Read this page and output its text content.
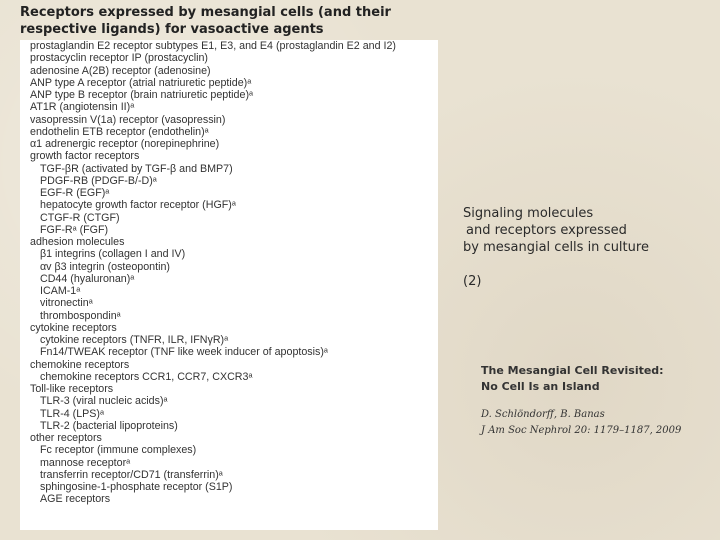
Receptors expressed by mesangial cells (and their
respective ligands) for vasoactive agents
prostaglandin E2 receptor subtypes E1, E3, and E4 (prostaglandin E2 and I2)
prostacyclin receptor IP (prostacyclin)
adenosine A(2B) receptor (adenosine)
ANP type A receptor (atrial natriuretic peptide)ᵃ
ANP type B receptor (brain natriuretic peptide)ᵃ
AT1R (angiotensin II)ᵃ
vasopressin V(1a) receptor (vasopressin)
endothelin ETB receptor (endothelin)ᵃ
α1 adrenergic receptor (norepinephrine)
growth factor receptors
TGF-βR (activated by TGF-β and BMP7)
PDGF-RB (PDGF-B/-D)ᵃ
EGF-R (EGF)ᵃ
hepatocyte growth factor receptor (HGF)ᵃ
CTGF-R (CTGF)
FGF-Rᵃ (FGF)
adhesion molecules
β1 integrins (collagen I and IV)
αv β3 integrin (osteopontin)
CD44 (hyaluronan)ᵃ
ICAM-1ᵃ
vitronectinᵃ
thrombospondinᵃ
cytokine receptors
cytokine receptors (TNFR, ILR, IFNγR)ᵃ
Fn14/TWEAK receptor (TNF like week inducer of apoptosis)ᵃ
chemokine receptors
chemokine receptors CCR1, CCR7, CXCR3ᵃ
Toll-like receptors
TLR-3 (viral nucleic acids)ᵃ
TLR-4 (LPS)ᵃ
TLR-2 (bacterial lipoproteins)
other receptors
Fc receptor (immune complexes)
mannose receptorᵃ
transferrin receptor/CD71 (transferrin)ᵃ
sphingosine-1-phosphate receptor (S1P)
AGE receptors
Signaling molecules
and receptors expressed
by mesangial cells in culture
(2)
The Mesangial Cell Revisited:
No Cell Is an Island
D. Schlöndorff, B. Banas
J Am Soc Nephrol 20: 1179–1187, 2009
